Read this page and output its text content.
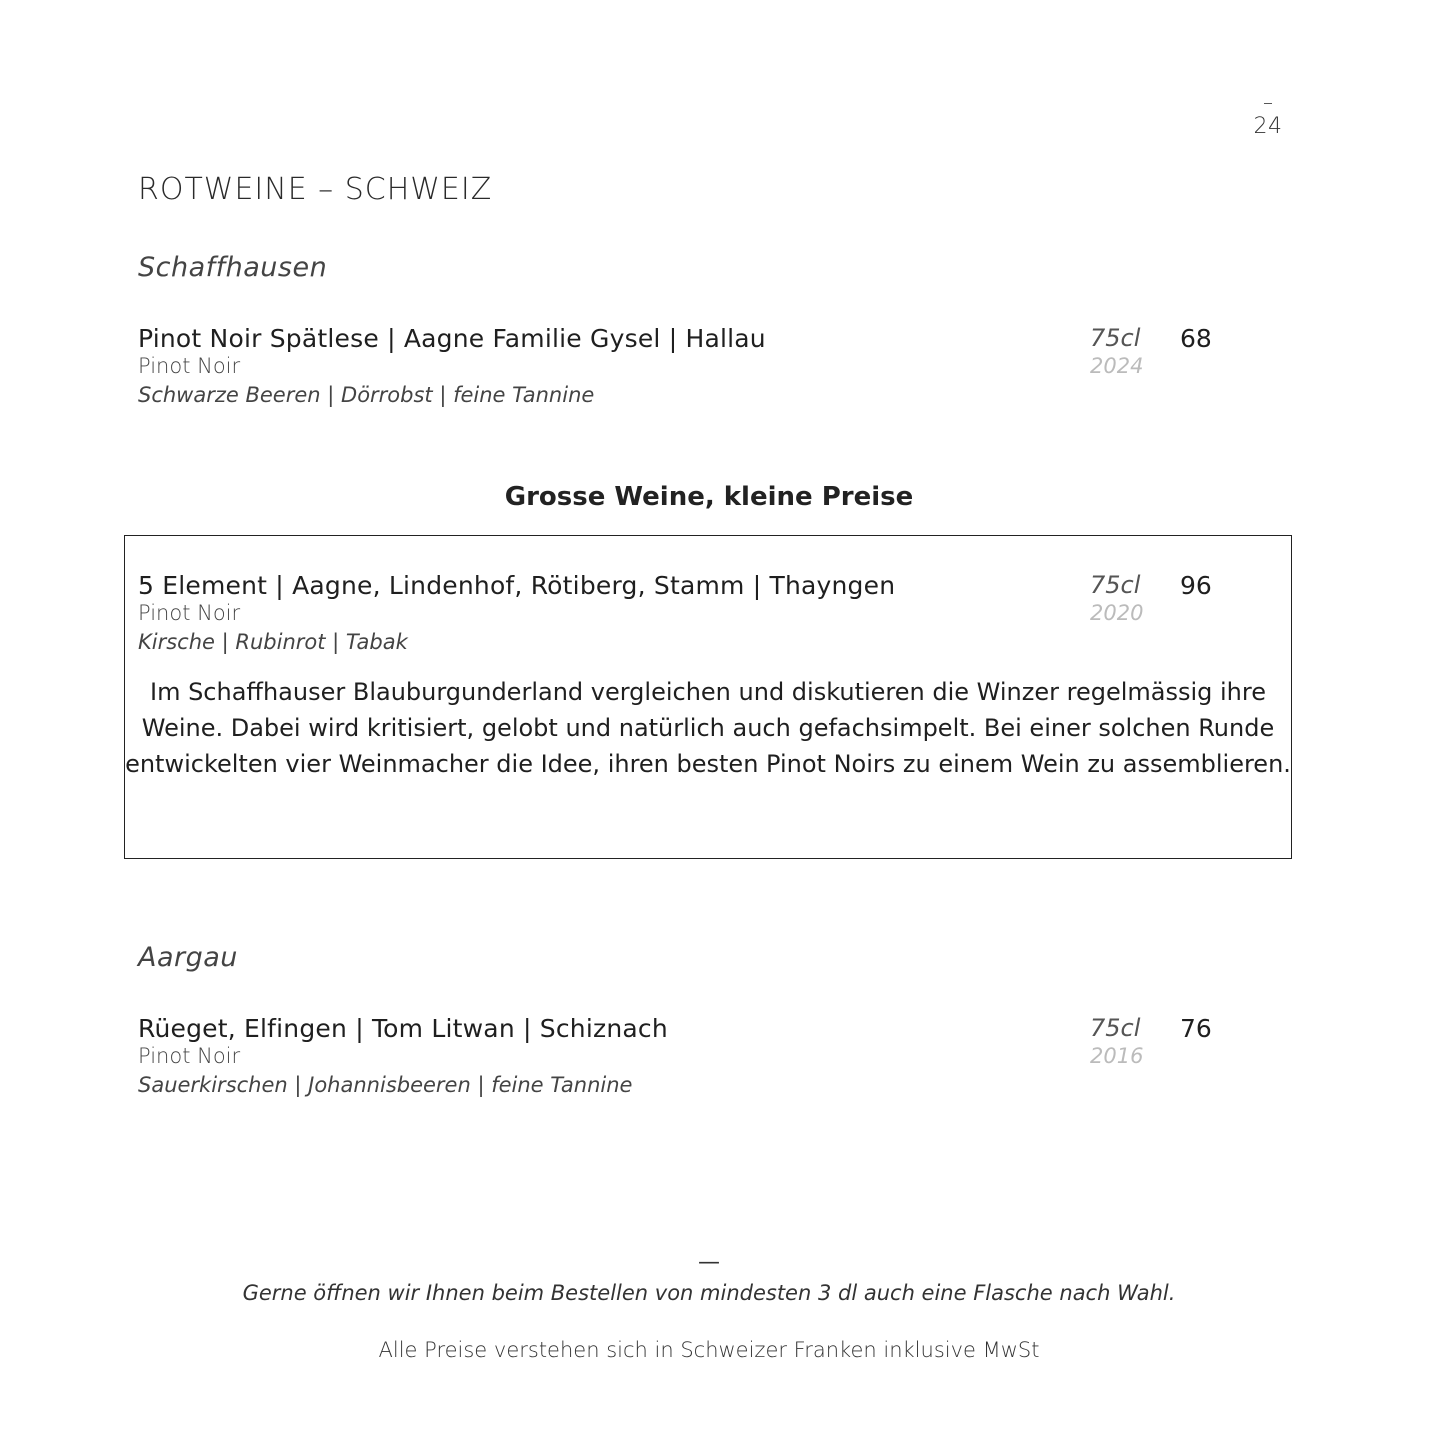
–
24
ROTWEINE – SCHWEIZ
Schaffhausen
Pinot Noir Spätlese | Aagne Familie Gysel | Hallau
Pinot Noir
Schwarze Beeren | Dörrobst | feine Tannine
75cl
2024
68
Grosse Weine, kleine Preise
5 Element | Aagne, Lindenhof, Rötiberg, Stamm | Thayngen
Pinot Noir
Kirsche | Rubinrot | Tabak
75cl
2020
96
Im Schaffhauser Blauburgunderland vergleichen und diskutieren die Winzer regelmässig ihre Weine. Dabei wird kritisiert, gelobt und natürlich auch gefachsimpelt. Bei einer solchen Runde entwickelten vier Weinmacher die Idee, ihren besten Pinot Noirs zu einem Wein zu assemblieren.
Aargau
Rüeget, Elfingen | Tom Litwan | Schiznach
Pinot Noir
Sauerkirschen | Johannisbeeren | feine Tannine
75cl
2016
76
—
Gerne öffnen wir Ihnen beim Bestellen von mindesten 3 dl auch eine Flasche nach Wahl.
Alle Preise verstehen sich in Schweizer Franken inklusive MwSt
